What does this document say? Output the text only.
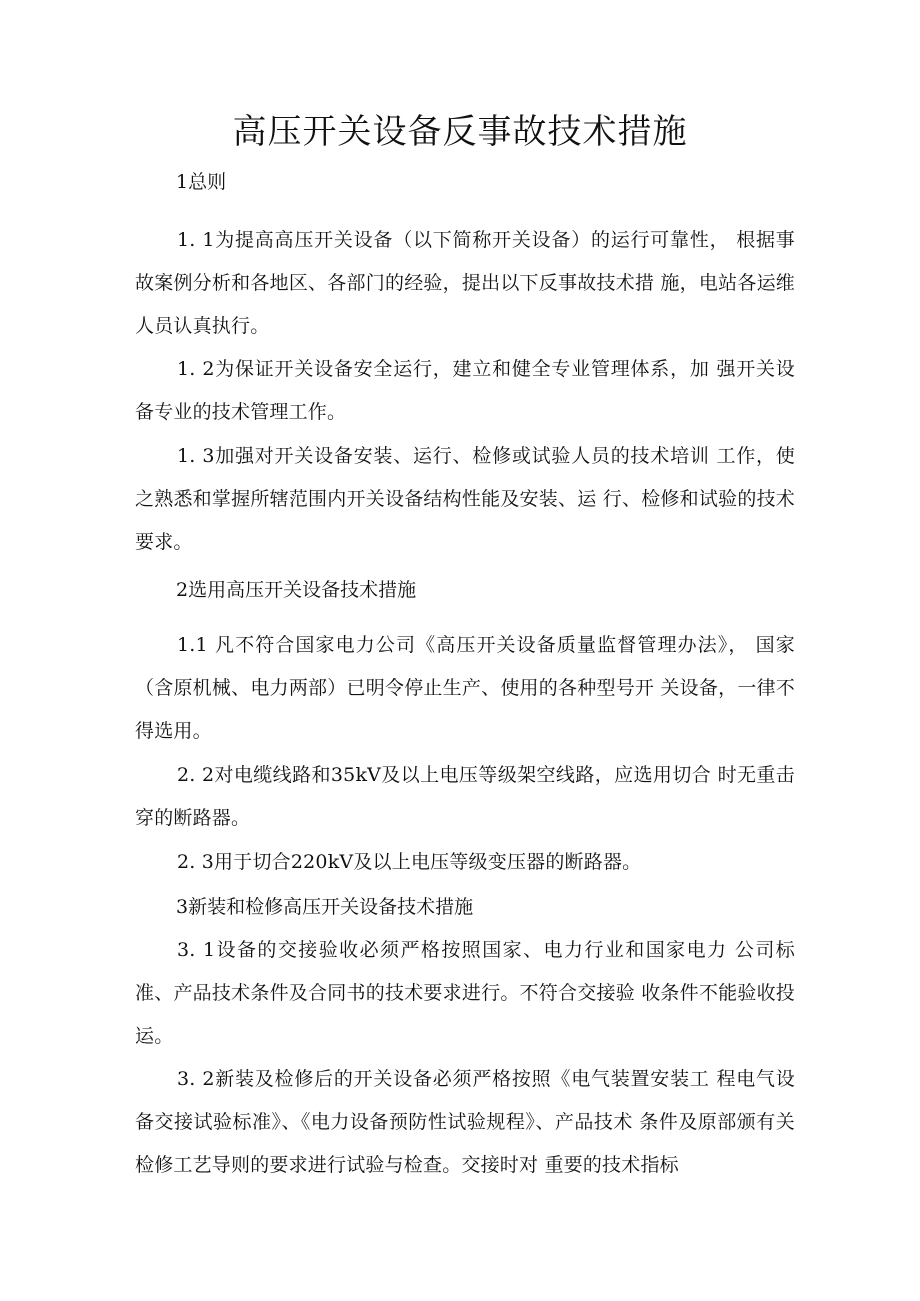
高压开关设备反事故技术措施
1总则

1. 1为提高高压开关设备（以下简称开关设备）的运行可靠性， 根据事故案例分析和各地区、各部门的经验，提出以下反事故技术措 施，电站各运维人员认真执行。

1. 2为保证开关设备安全运行，建立和健全专业管理体系，加 强开关设备专业的技术管理工作。

1. 3加强对开关设备安装、运行、检修或试验人员的技术培训 工作，使之熟悉和掌握所辖范围内开关设备结构性能及安装、运 行、检修和试验的技术要求。

2选用高压开关设备技术措施

1.1 凡不符合国家电力公司《高压开关设备质量监督管理办法》， 国家（含原机械、电力两部）已明令停止生产、使用的各种型号开 关设备，一律不得选用。

2. 2对电缆线路和35kV及以上电压等级架空线路，应选用切合 时无重击穿的断路器。

2. 3用于切合220kV及以上电压等级变压器的断路器。

3新装和检修高压开关设备技术措施

3. 1设备的交接验收必须严格按照国家、电力行业和国家电力 公司标准、产品技术条件及合同书的技术要求进行。不符合交接验 收条件不能验收投运。

3. 2新装及检修后的开关设备必须严格按照《电气装置安装工 程电气设备交接试验标准》、《电力设备预防性试验规程》、产品技术 条件及原部颁有关检修工艺导则的要求进行试验与检查。交接时对 重要的技术指标
